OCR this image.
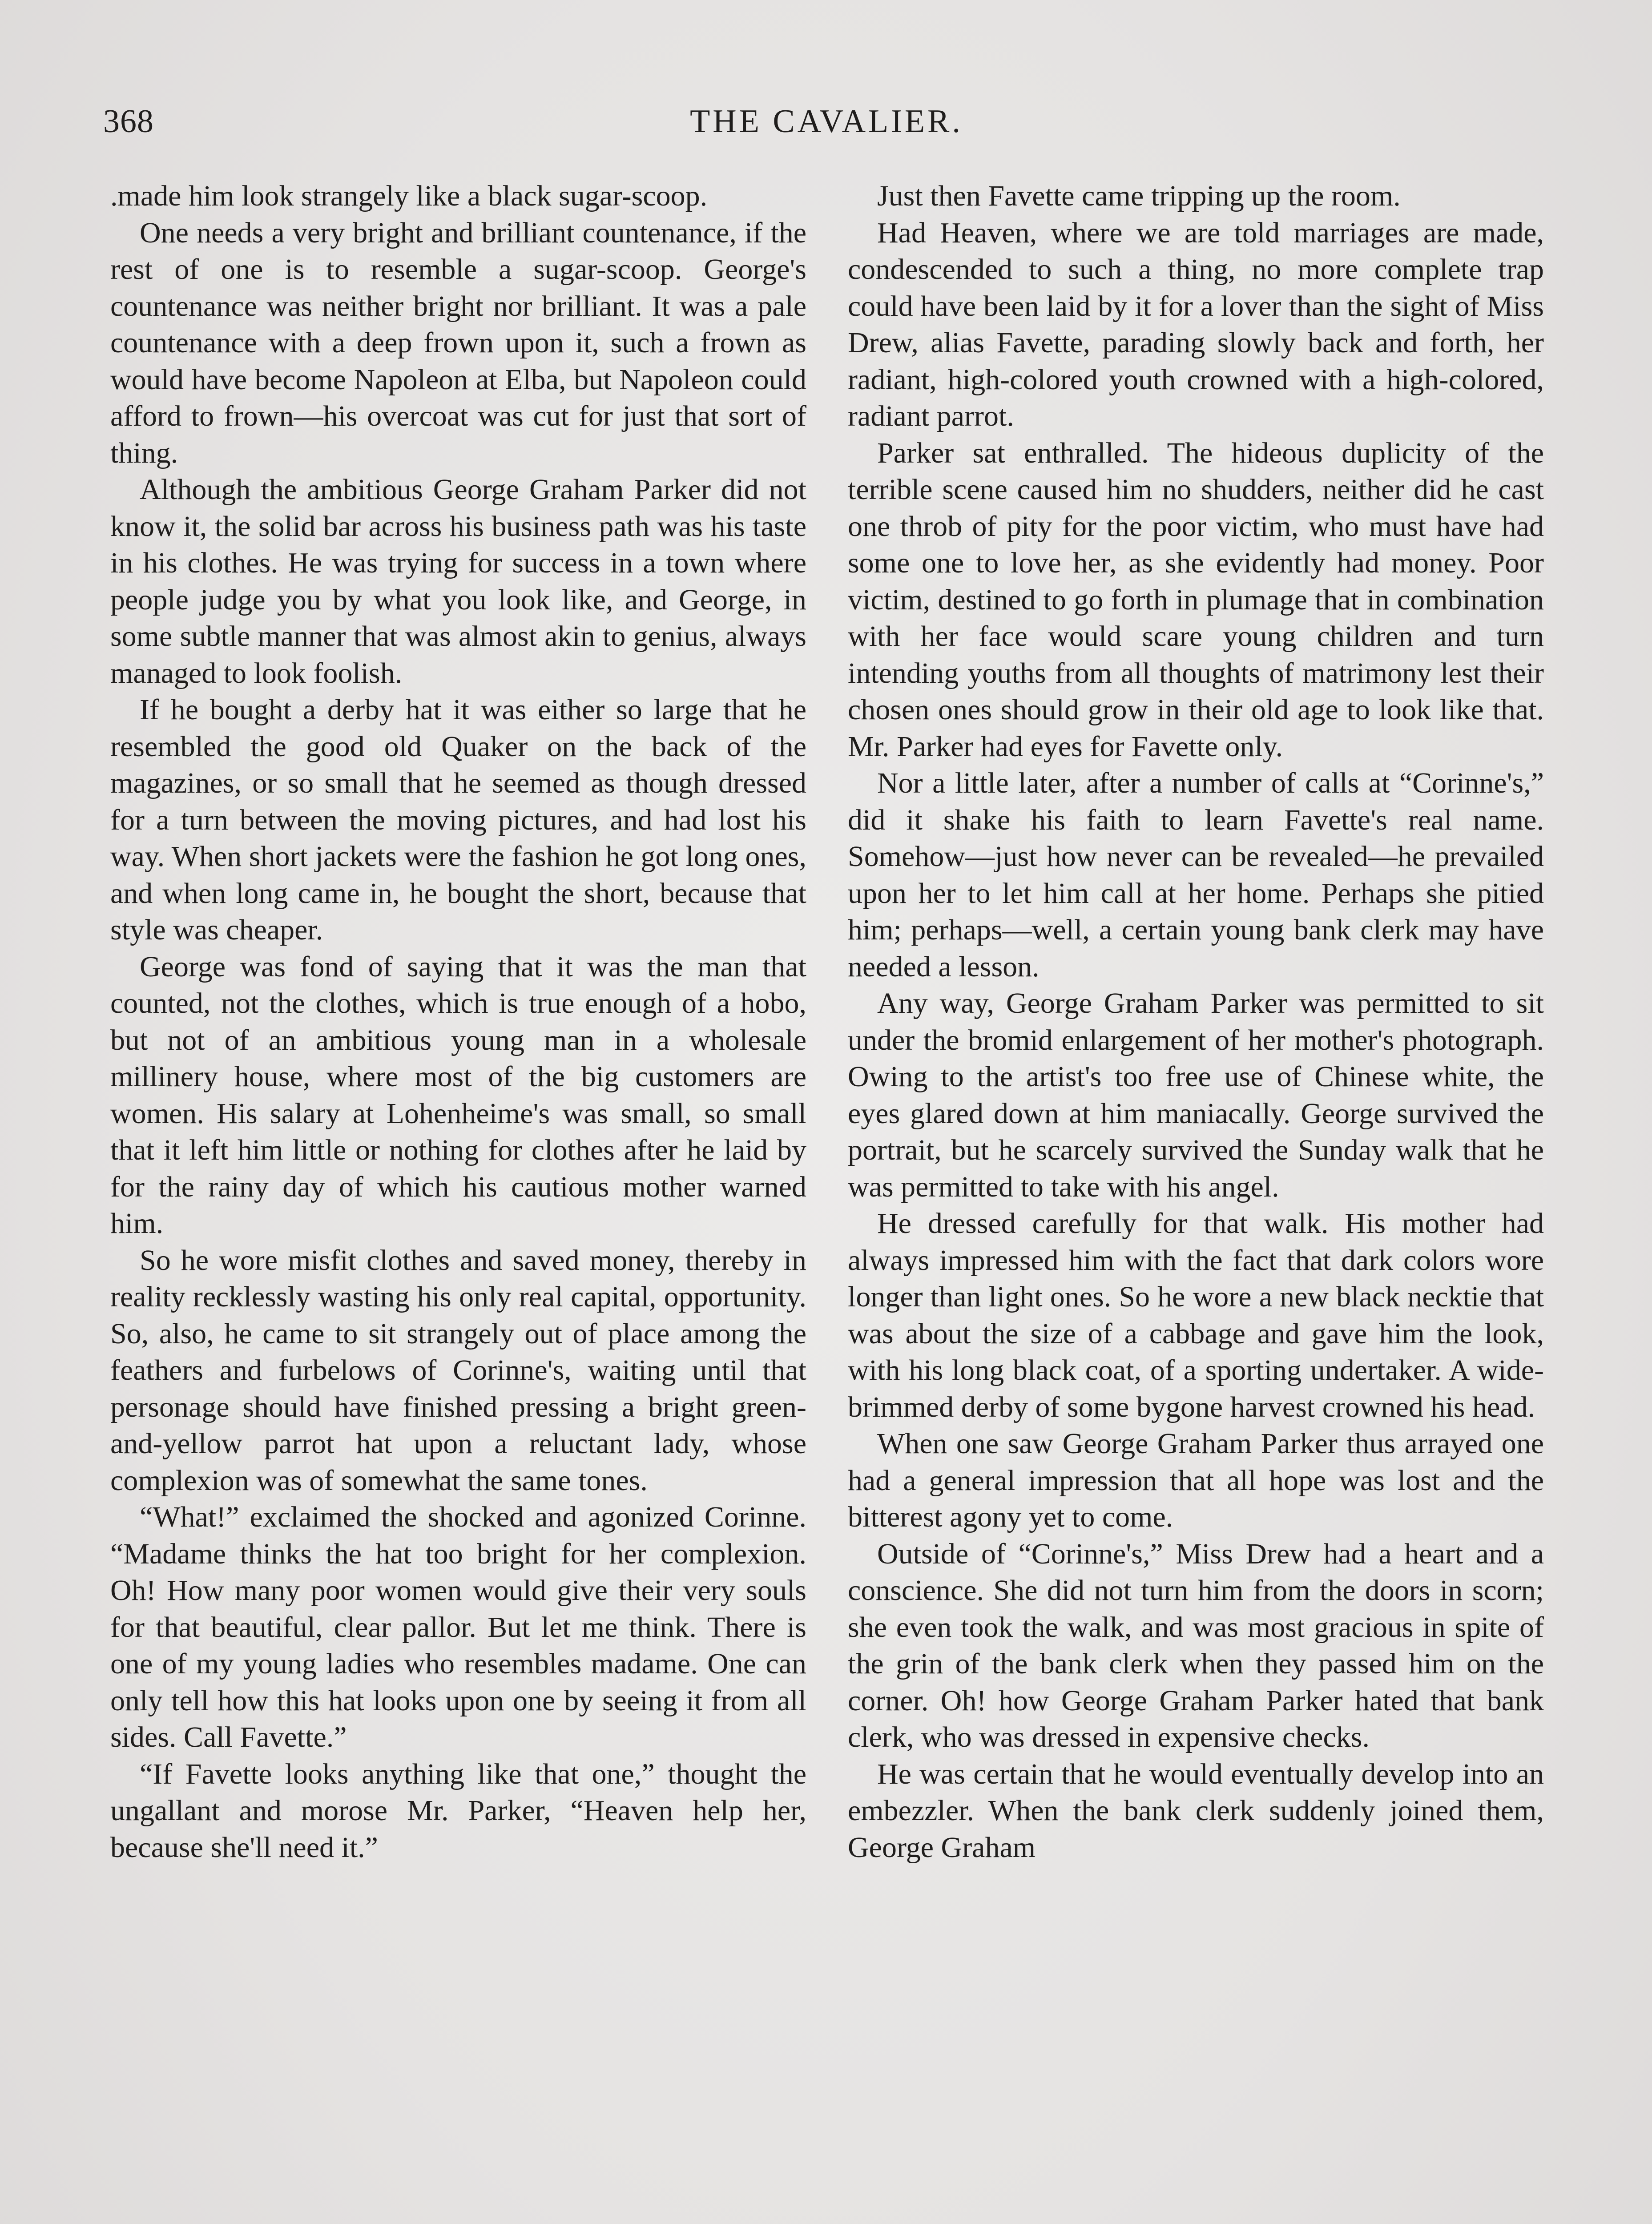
368	THE CAVALIER.

.made him look strangely like a black sugar-scoop.

One needs a very bright and brilliant countenance, if the rest of one is to resemble a sugar-scoop. George's countenance was neither bright nor brilliant. It was a pale countenance with a deep frown upon it, such a frown as would have become Napoleon at Elba, but Napoleon could afford to frown—his overcoat was cut for just that sort of thing.

Although the ambitious George Graham Parker did not know it, the solid bar across his business path was his taste in his clothes. He was trying for success in a town where people judge you by what you look like, and George, in some subtle manner that was almost akin to genius, always managed to look foolish.

If he bought a derby hat it was either so large that he resembled the good old Quaker on the back of the magazines, or so small that he seemed as though dressed for a turn between the moving pictures, and had lost his way. When short jackets were the fashion he got long ones, and when long came in, he bought the short, because that style was cheaper.

George was fond of saying that it was the man that counted, not the clothes, which is true enough of a hobo, but not of an ambitious young man in a wholesale millinery house, where most of the big customers are women. His salary at Lohenheime's was small, so small that it left him little or nothing for clothes after he laid by for the rainy day of which his cautious mother warned him.

So he wore misfit clothes and saved money, thereby in reality recklessly wasting his only real capital, opportunity. So, also, he came to sit strangely out of place among the feathers and furbelows of Corinne's, waiting until that personage should have finished pressing a bright green-and-yellow parrot hat upon a reluctant lady, whose complexion was of somewhat the same tones.

“What!” exclaimed the shocked and agonized Corinne. “Madame thinks the hat too bright for her complexion. Oh! How many poor women would give their very souls for that beautiful, clear pallor. But let me think. There is one of my young ladies who resembles madame. One can only tell how this hat looks upon one by seeing it from all sides. Call Favette.”

“If Favette looks anything like that one,” thought the ungallant and morose Mr. Parker, “Heaven help her, because she'll need it.”

Just then Favette came tripping up the room.

Had Heaven, where we are told marriages are made, condescended to such a thing, no more complete trap could have been laid by it for a lover than the sight of Miss Drew, alias Favette, parading slowly back and forth, her radiant, high-colored youth crowned with a high-colored, radiant parrot.

Parker sat enthralled. The hideous duplicity of the terrible scene caused him no shudders, neither did he cast one throb of pity for the poor victim, who must have had some one to love her, as she evidently had money. Poor victim, destined to go forth in plumage that in combination with her face would scare young children and turn intending youths from all thoughts of matrimony lest their chosen ones should grow in their old age to look like that. Mr. Parker had eyes for Favette only.

Nor a little later, after a number of calls at “Corinne's,” did it shake his faith to learn Favette's real name. Somehow—just how never can be revealed—he prevailed upon her to let him call at her home. Perhaps she pitied him; perhaps—well, a certain young bank clerk may have needed a lesson.

Any way, George Graham Parker was permitted to sit under the bromid enlargement of her mother's photograph. Owing to the artist's too free use of Chinese white, the eyes glared down at him maniacally. George survived the portrait, but he scarcely survived the Sunday walk that he was permitted to take with his angel.

He dressed carefully for that walk. His mother had always impressed him with the fact that dark colors wore longer than light ones. So he wore a new black necktie that was about the size of a cabbage and gave him the look, with his long black coat, of a sporting undertaker. A wide-brimmed derby of some bygone harvest crowned his head.

When one saw George Graham Parker thus arrayed one had a general impression that all hope was lost and the bitterest agony yet to come.

Outside of “Corinne's,” Miss Drew had a heart and a conscience. She did not turn him from the doors in scorn; she even took the walk, and was most gracious in spite of the grin of the bank clerk when they passed him on the corner. Oh! how George Graham Parker hated that bank clerk, who was dressed in expensive checks.

He was certain that he would eventually develop into an embezzler. When the bank clerk suddenly joined them, George Graham
